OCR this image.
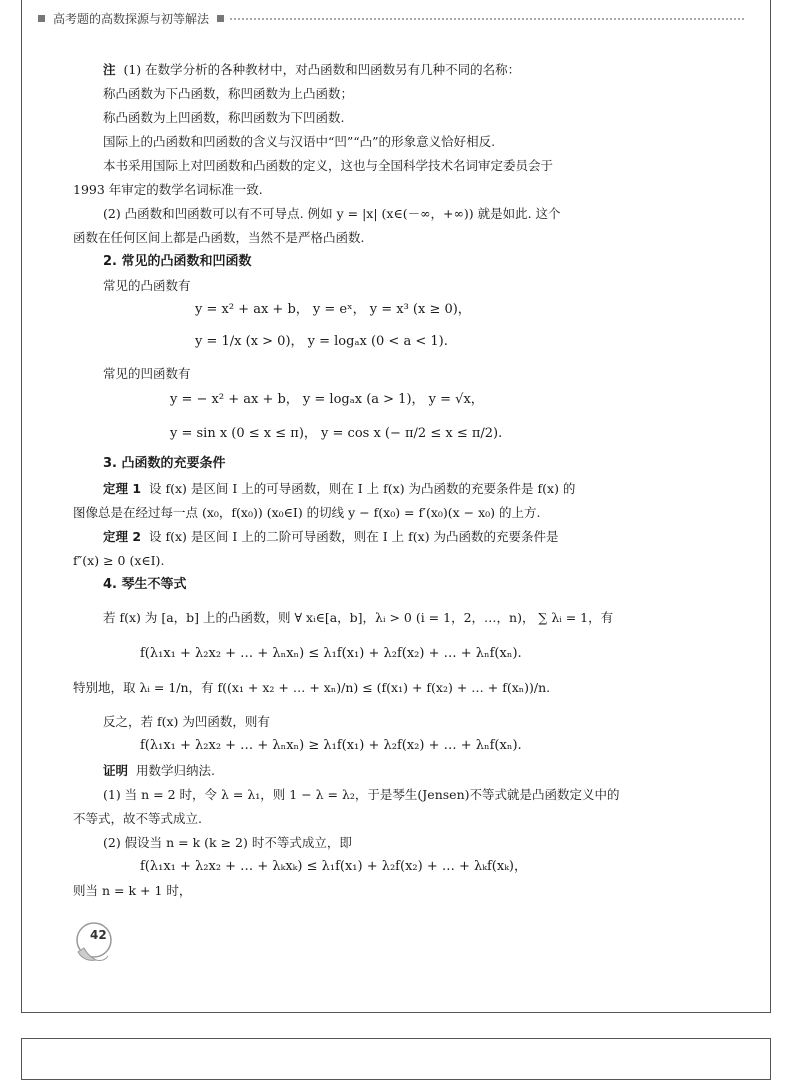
高考题的高数探源与初等解法
注 (1) 在数学分析的各种教材中，对凸函数和凹函数另有几种不同的名称：
称凸函数为下凸函数，称凹函数为上凸函数；
称凸函数为上凹函数，称凹函数为下凹函数.
国际上的凸函数和凹函数的含义与汉语中“凹”“凸”的形象意义恰好相反.
本书采用国际上对凹函数和凸函数的定义，这也与全国科学技术名词审定委员会于
1993 年审定的数学名词标准一致.
(2) 凸函数和凹函数可以有不可导点. 例如 y = |x| (x∈(－∞，+∞)) 就是如此. 这个
函数在任何区间上都是凸函数，当然不是严格凸函数.
2. 常见的凸函数和凹函数
常见的凸函数有
y = x² + ax + b， y = eˣ， y = x³ (x ≥ 0)，
y = 1/x (x > 0)， y = logₐx (0 < a < 1).
常见的凹函数有
y = − x² + ax + b， y = logₐx (a > 1)， y = √x，
y = sin x (0 ≤ x ≤ π)， y = cos x (− π/2 ≤ x ≤ π/2).
3. 凸函数的充要条件
定理 1 设 f(x) 是区间 I 上的可导函数，则在 I 上 f(x) 为凸函数的充要条件是 f(x) 的
图像总是在经过每一点 (x₀，f(x₀)) (x₀∈I) 的切线 y − f(x₀) = f′(x₀)(x − x₀) 的上方.
定理 2 设 f(x) 是区间 I 上的二阶可导函数，则在 I 上 f(x) 为凸函数的充要条件是
f″(x) ≥ 0 (x∈I).
4. 琴生不等式
若 f(x) 为 [a，b] 上的凸函数，则 ∀ xᵢ∈[a，b]，λᵢ > 0 (i = 1，2，…，n)， ∑ λᵢ = 1，有
f(λ₁x₁ + λ₂x₂ + … + λₙxₙ) ≤ λ₁f(x₁) + λ₂f(x₂) + … + λₙf(xₙ).
特别地，取 λᵢ = 1/n，有 f((x₁ + x₂ + … + xₙ)/n) ≤ (f(x₁) + f(x₂) + … + f(xₙ))/n.
反之，若 f(x) 为凹函数，则有
f(λ₁x₁ + λ₂x₂ + … + λₙxₙ) ≥ λ₁f(x₁) + λ₂f(x₂) + … + λₙf(xₙ).
证明 用数学归纳法.
(1) 当 n = 2 时，令 λ = λ₁，则 1 − λ = λ₂，于是琴生(Jensen)不等式就是凸函数定义中的
不等式，故不等式成立.
(2) 假设当 n = k (k ≥ 2) 时不等式成立，即
f(λ₁x₁ + λ₂x₂ + … + λₖxₖ) ≤ λ₁f(x₁) + λ₂f(x₂) + … + λₖf(xₖ)，
则当 n = k + 1 时，
42
